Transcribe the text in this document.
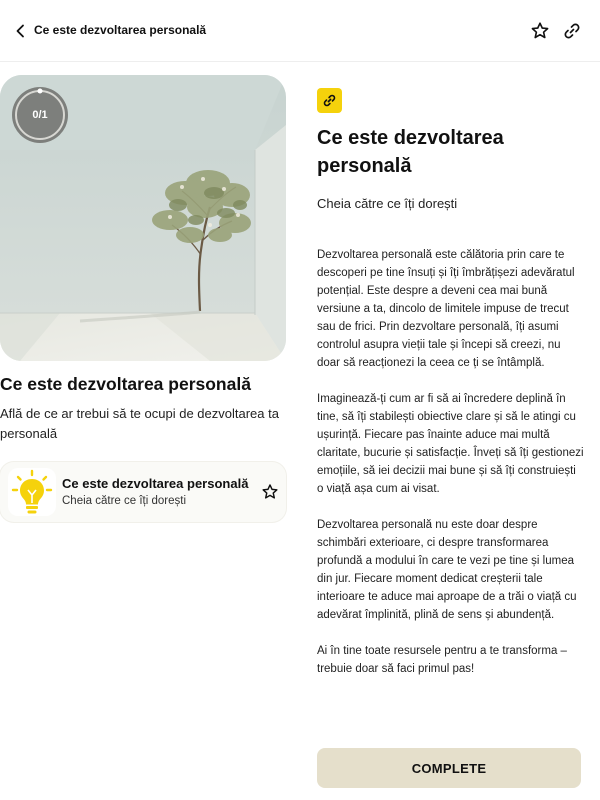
Ce este dezvoltarea personală
0/1
Ce este dezvoltarea personală
Află de ce ar trebui să te ocupi de dezvoltarea ta personală
Ce este dezvoltarea personală
Cheia către ce îți dorești
Ce este dezvoltarea personală
Cheia către ce îți dorești

Dezvoltarea personală este călătoria prin care te descoperi pe tine însuți și îți îmbrățișezi adevăratul potențial. Este despre a deveni cea mai bună versiune a ta, dincolo de limitele impuse de trecut sau de frici. Prin dezvoltare personală, îți asumi controlul asupra vieții tale și începi să creezi, nu doar să reacționezi la ceea ce ți se întâmplă.

Imaginează-ți cum ar fi să ai încredere deplină în tine, să îți stabilești obiective clare și să le atingi cu ușurință. Fiecare pas înainte aduce mai multă claritate, bucurie și satisfacție. Înveți să îți gestionezi emoțiile, să iei decizii mai bune și să îți construiești o viață așa cum ai visat.

Dezvoltarea personală nu este doar despre schimbări exterioare, ci despre transformarea profundă a modului în care te vezi pe tine și lumea din jur. Fiecare moment dedicat creșterii tale interioare te aduce mai aproape de a trăi o viață cu adevărat împlinită, plină de sens și abundență.

Ai în tine toate resursele pentru a te transforma – trebuie doar să faci primul pas!

COMPLETE
